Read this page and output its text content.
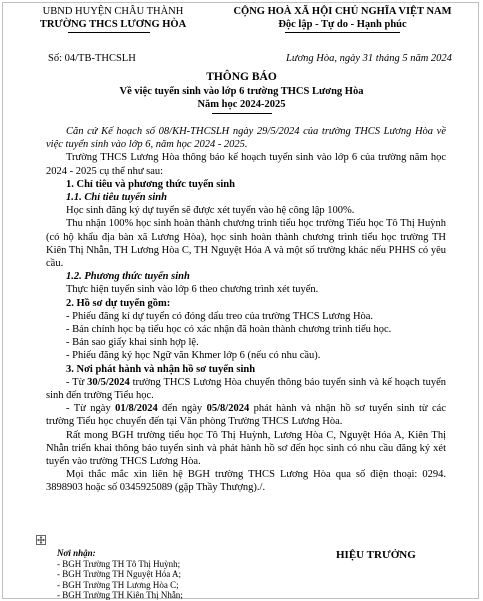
UBND HUYỆN CHÂU THÀNH
TRƯỜNG THCS LƯƠNG HÒA
CỘNG HOÀ XÃ HỘI CHỦ NGHĨA VIỆT NAM
Độc lập - Tự do - Hạnh phúc
Số: 04/TB-THCSLH	Lương Hòa, ngày 31 tháng 5 năm 2024
THÔNG BÁO
Về việc tuyển sinh vào lớp 6 trường THCS Lương Hòa
Năm học 2024-2025

Căn cứ Kế hoạch số 08/KH-THCSLH ngày 29/5/2024 của trường THCS Lương Hòa về việc tuyển sinh vào lớp 6, năm học 2024 - 2025.

Trường THCS Lương Hòa thông báo kế hoạch tuyển sinh vào lớp 6 của trường năm học 2024 - 2025 cụ thể như sau:

1. Chỉ tiêu và phương thức tuyển sinh

1.1. Chỉ tiêu tuyển sinh

Học sinh đăng ký dự tuyển sẽ được xét tuyển vào hệ công lập 100%.

Thu nhận 100% học sinh hoàn thành chương trình tiểu học trường Tiểu học Tô Thị Huỳnh (có hộ khẩu địa bàn xã Lương Hòa), học sinh hoàn thành chương trình tiểu học trường TH Kiên Thị Nhẫn, TH Lương Hòa C, TH Nguyệt Hóa A và một số trường khác nếu PHHS có yêu cầu.

1.2. Phương thức tuyển sinh

Thực hiện tuyển sinh vào lớp 6 theo chương trình xét tuyển.

2. Hồ sơ dự tuyển gồm:

- Phiếu đăng kí dự tuyển có đóng dấu treo của trường THCS Lương Hòa.

- Bản chính học bạ tiểu học có xác nhận đã hoàn thành chương trình tiểu học.

- Bản sao giấy khai sinh hợp lệ.

- Phiếu đăng ký học Ngữ văn Khmer lớp 6 (nếu có nhu cầu).

3. Nơi phát hành và nhận hồ sơ tuyển sinh

- Từ 30/5/2024 trường THCS Lương Hòa chuyển thông báo tuyển sinh và kế hoạch tuyển sinh đến trường Tiểu học.

- Từ ngày 01/8/2024 đến ngày 05/8/2024 phát hành và nhận hồ sơ tuyển sinh từ các trường Tiểu học chuyển đến tại Văn phòng Trường THCS Lương Hòa.

Rất mong BGH trường tiểu học Tô Thị Huỳnh, Lương Hòa C, Nguyệt Hóa A, Kiên Thị Nhẫn triển khai thông báo tuyển sinh và phát hành hồ sơ đến học sinh có nhu cầu đăng ký xét tuyển vào trường THCS Lương Hòa.

Mọi thắc mắc xin liên hệ BGH trường THCS Lương Hòa qua số điện thoại: 0294. 3898903 hoặc số 0345925089 (gặp Thầy Thượng)./.

Nơi nhận:
- BGH Trường TH Tô Thị Huỳnh;
- BGH Trường TH Nguyệt Hóa A;
- BGH Trường TH Lương Hòa C;
- BGH Trường TH Kiên Thị Nhẫn;
HIỆU TRƯỞNG
